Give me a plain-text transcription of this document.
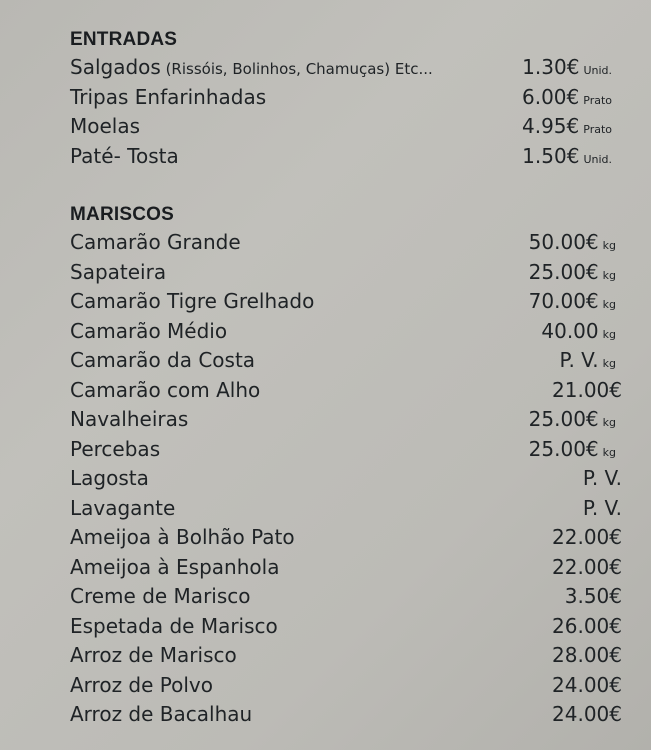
ENTRADAS
Salgados (Rissóis, Bolinhos, Chamuças) Etc...	1.30€ Unid.
Tripas Enfarinhadas	6.00€ Prato
Moelas	4.95€ Prato
Paté- Tosta	1.50€ Unid.
MARISCOS
Camarão Grande	50.00€ kg
Sapateira	25.00€ kg
Camarão Tigre Grelhado	70.00€ kg
Camarão Médio	40.00 kg
Camarão da Costa	P. V. kg
Camarão com Alho	21.00€
Navalheiras	25.00€ kg
Percebas	25.00€ kg
Lagosta	P. V.
Lavagante	P. V.
Ameijoa à Bolhão Pato	22.00€
Ameijoa à Espanhola	22.00€
Creme de Marisco	3.50€
Espetada de Marisco	26.00€
Arroz de Marisco	28.00€
Arroz de Polvo	24.00€
Arroz de Bacalhau	24.00€
